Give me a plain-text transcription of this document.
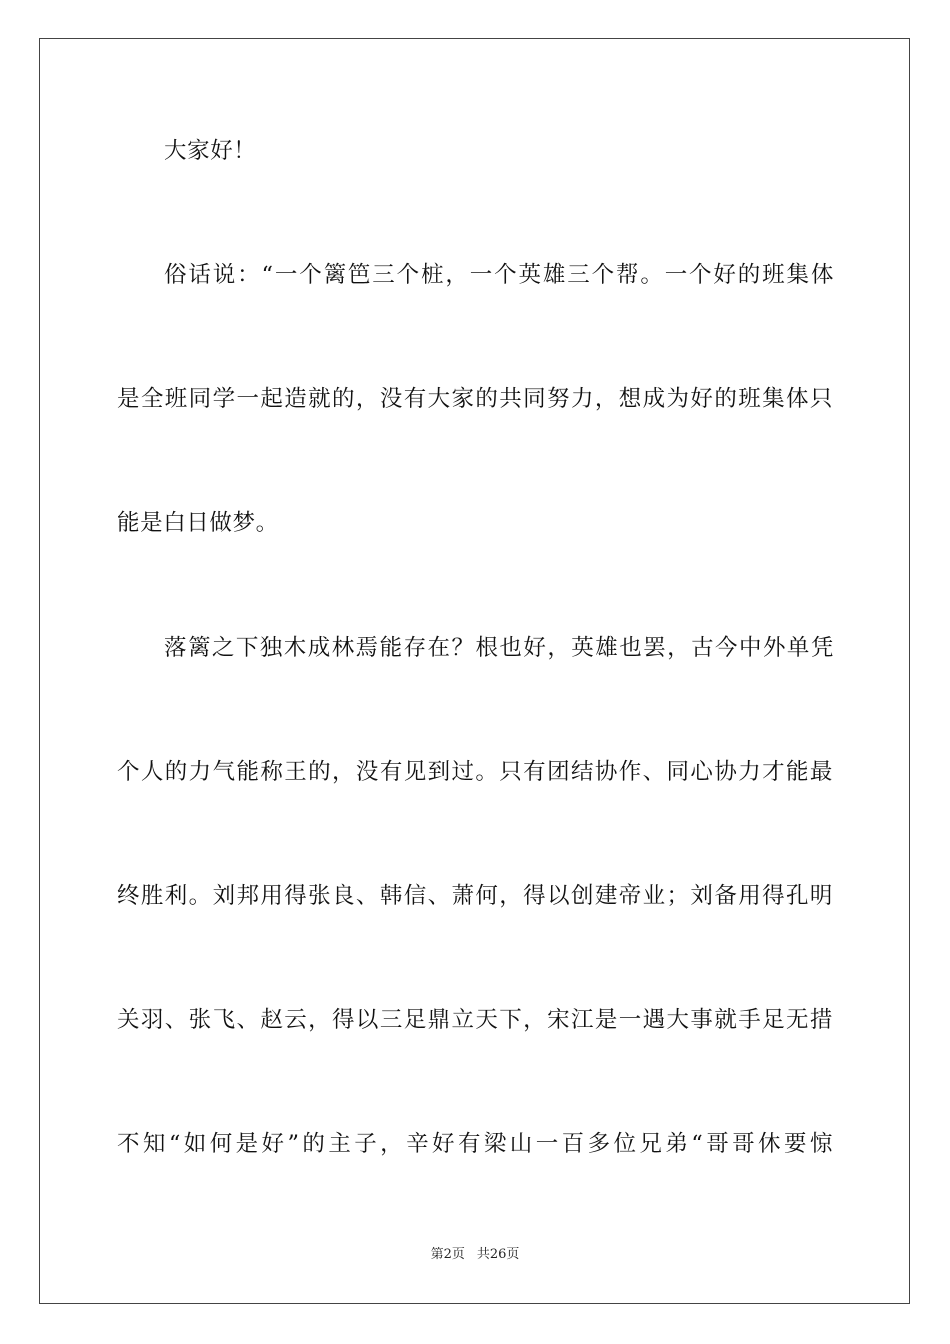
大家好！
俗话说：“一个篱笆三个桩，一个英雄三个帮。一个好的班集体
是全班同学一起造就的，没有大家的共同努力，想成为好的班集体只
能是白日做梦。
落篱之下独木成林焉能存在？根也好，英雄也罢，古今中外单凭
个人的力气能称王的，没有见到过。只有团结协作、同心协力才能最
终胜利。刘邦用得张良、韩信、萧何，得以创建帝业；刘备用得孔明
关羽、张飞、赵云，得以三足鼎立天下，宋江是一遇大事就手足无措
不知“如何是好”的主子，辛好有梁山一百多位兄弟“哥哥休要惊
第2页 共26页
